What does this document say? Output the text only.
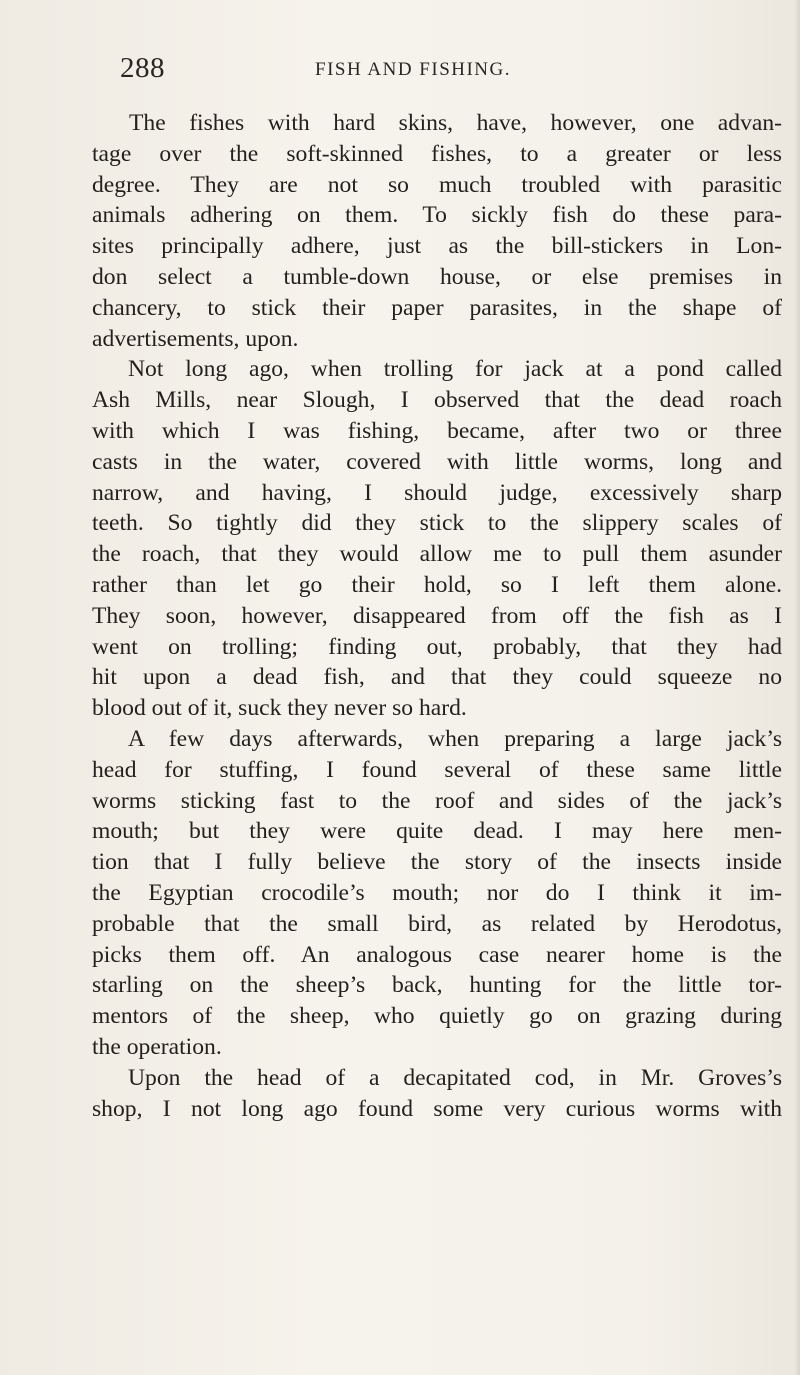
288	FISH AND FISHING.
The fishes with hard skins, have, however, one advan-
tage over the soft-skinned fishes, to a greater or less
degree. They are not so much troubled with parasitic
animals adhering on them. To sickly fish do these para-
sites principally adhere, just as the bill-stickers in Lon-
don select a tumble-down house, or else premises in
chancery, to stick their paper parasites, in the shape of
advertisements, upon.
Not long ago, when trolling for jack at a pond called
Ash Mills, near Slough, I observed that the dead roach
with which I was fishing, became, after two or three
casts in the water, covered with little worms, long and
narrow, and having, I should judge, excessively sharp
teeth. So tightly did they stick to the slippery scales of
the roach, that they would allow me to pull them asunder
rather than let go their hold, so I left them alone.
They soon, however, disappeared from off the fish as I
went on trolling; finding out, probably, that they had
hit upon a dead fish, and that they could squeeze no
blood out of it, suck they never so hard.
A few days afterwards, when preparing a large jack’s
head for stuffing, I found several of these same little
worms sticking fast to the roof and sides of the jack’s
mouth; but they were quite dead. I may here men-
tion that I fully believe the story of the insects inside
the Egyptian crocodile’s mouth; nor do I think it im-
probable that the small bird, as related by Herodotus,
picks them off. An analogous case nearer home is the
starling on the sheep’s back, hunting for the little tor-
mentors of the sheep, who quietly go on grazing during
the operation.
Upon the head of a decapitated cod, in Mr. Groves’s
shop, I not long ago found some very curious worms with
